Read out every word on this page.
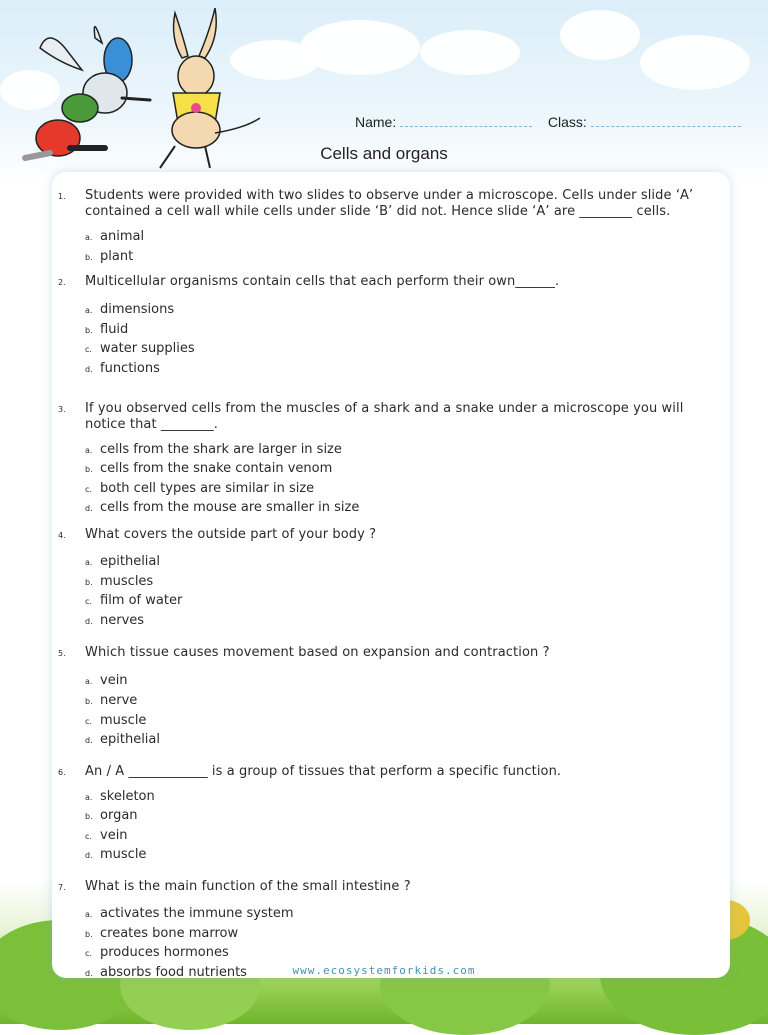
Name:	Class:
Cells and organs
1. Students were provided with two slides to observe under a microscope. Cells under slide ‘A’ contained a cell wall while cells under slide ‘B’ did not. Hence slide ‘A’ are ________ cells.
a. animal
b. plant
2. Multicellular organisms contain cells that each perform their own______.
a. dimensions
b. fluid
c. water supplies
d. functions
3. If you observed cells from the muscles of a shark and a snake under a microscope you will notice that ________.
a. cells from the shark are larger in size
b. cells from the snake contain venom
c. both cell types are similar in size
d. cells from the mouse are smaller in size
4. What covers the outside part of your body ?
a. epithelial
b. muscles
c. film of water
d. nerves
5. Which tissue causes movement based on expansion and contraction ?
a. vein
b. nerve
c. muscle
d. epithelial
6. An / A ____________ is a group of tissues that perform a specific function.
a. skeleton
b. organ
c. vein
d. muscle
7. What is the main function of the small intestine ?
a. activates the immune system
b. creates bone marrow
c. produces hormones
d. absorbs food nutrients	www.ecosystemforkids.com
